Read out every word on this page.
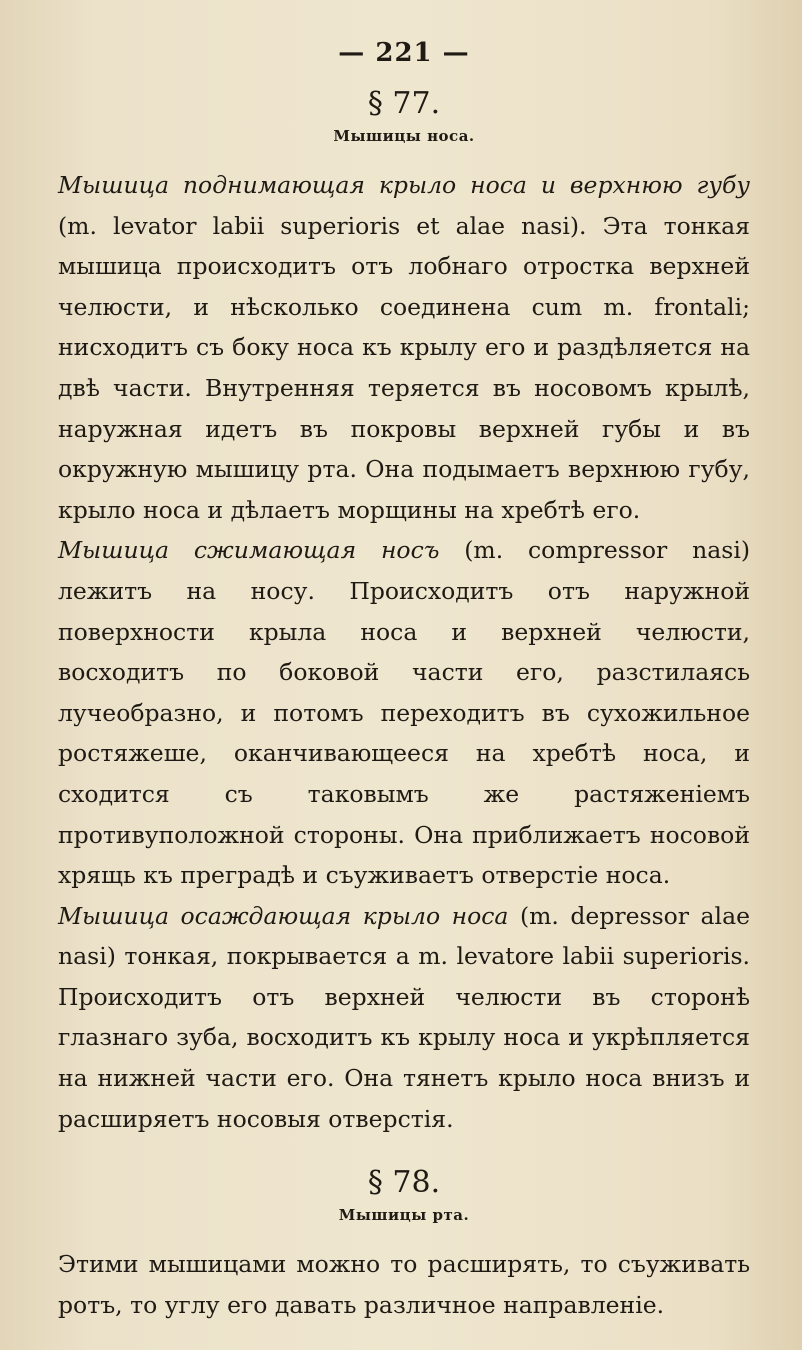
— 221 —
§ 77.
Мышицы носа.

Мышица поднимающая крыло носа и верхнюю губу (m. levator labii superioris et alae nasi). Эта тонкая мышица происходитъ отъ лобнаго отростка верхней челюсти, и нѣсколько соединена cum m. frontali; нисходитъ съ боку носа къ крылу его и раздѣляется на двѣ части. Внутренняя теряется въ носовомъ крылѣ, наружная идетъ въ покровы верхней губы и въ окружную мышицу рта. Она подымаетъ верхнюю губу, крыло носа и дѣлаетъ морщины на хребтѣ его.

Мышица сжимающая носъ (m. compressor nasi) лежитъ на носу. Происходитъ отъ наружной поверхности крыла носа и верхней челюсти, восходитъ по боковой части его, разстилаясь лучеобразно, и потомъ переходитъ въ сухожильное ростяжеше, оканчивающееся на хребтѣ носа, и сходится съ таковымъ же растяженіемъ противуположной стороны. Она приближаетъ носовой хрящь къ преградѣ и съуживаетъ отверстіе носа.

Мышица осаждающая крыло носа (m. depressor alae nasi) тонкая, покрывается a m. levatore labii superioris. Происходитъ отъ верхней челюсти въ сторонѣ глазнаго зуба, восходитъ къ крылу носа и укрѣпляется на нижней части его. Она тянетъ крыло носа внизъ и расширяетъ носовыя отверстія.

§ 78.
Мышицы рта.

Этими мышицами можно то расширять, то съуживать ротъ, то углу его давать различное направленіе.
